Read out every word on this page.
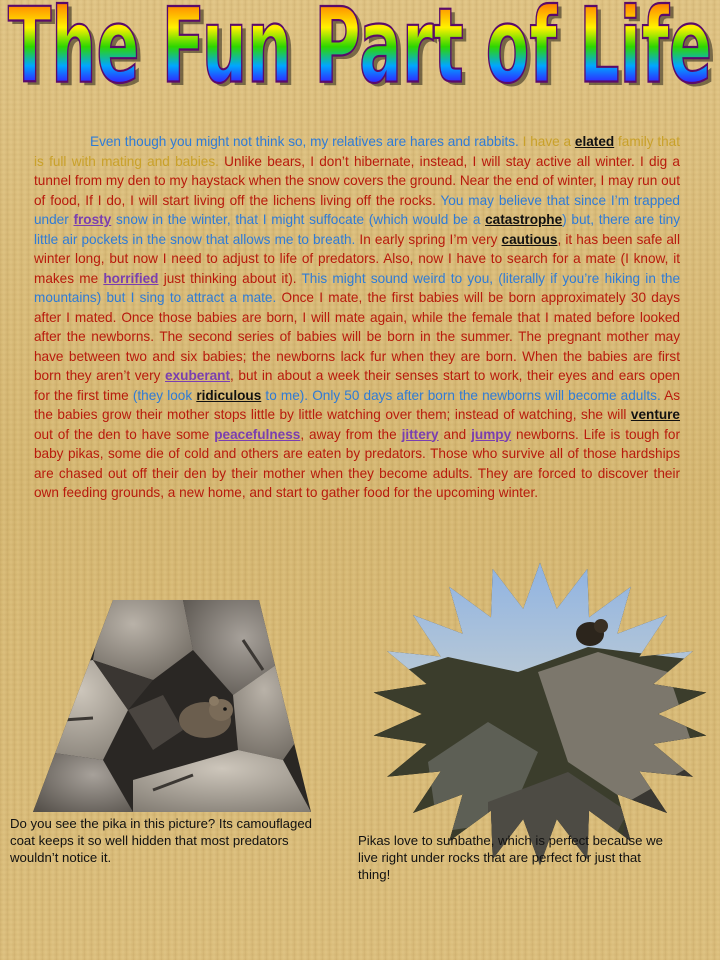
The Fun Part of Life
The Fun Part of Life

Even though you might not think so, my relatives are hares and rabbits. I have a elated family that is full with mating and babies. Unlike bears, I don’t hibernate, instead, I will stay active all winter. I dig a tunnel from my den to my haystack when the snow covers the ground. Near the end of winter, I may run out of food, If I do, I will start living off the lichens living off the rocks. You may believe that since I’m trapped under frosty snow in the winter, that I might suffocate (which would be a catastrophe) but, there are tiny little air pockets in the snow that allows me to breath. In early spring I’m very cautious, it has been safe all winter long, but now I need to adjust to life of predators. Also, now I have to search for a mate (I know, it makes me horrified just thinking about it). This might sound weird to you, (literally if you’re hiking in the mountains) but I sing to attract a mate. Once I mate, the first babies will be born approximately 30 days after I mated. Once those babies are born, I will mate again, while the female that I mated before looked after the newborns. The second series of babies will be born in the summer. The pregnant mother may have between two and six babies; the newborns lack fur when they are born. When the babies are first born they aren’t very exuberant, but in about a week their senses start to work, their eyes and ears open for the first time (they look ridiculous to me). Only 50 days after born the newborns will become adults. As the babies grow their mother stops little by little watching over them; instead of watching, she will venture out of the den to have some peacefulness, away from the jittery and jumpy newborns. Life is tough for baby pikas, some die of cold and others are eaten by predators. Those who survive all of those hardships are chased out off their den by their mother when they become adults. They are forced to discover their own feeding grounds, a new home, and start to gather food for the upcoming winter.

Do you see the pika in this picture? Its camouflaged coat keeps it so well hidden that most predators wouldn’t notice it.

Pikas love to sunbathe, which is perfect because we live right under rocks that are perfect for just that thing!
